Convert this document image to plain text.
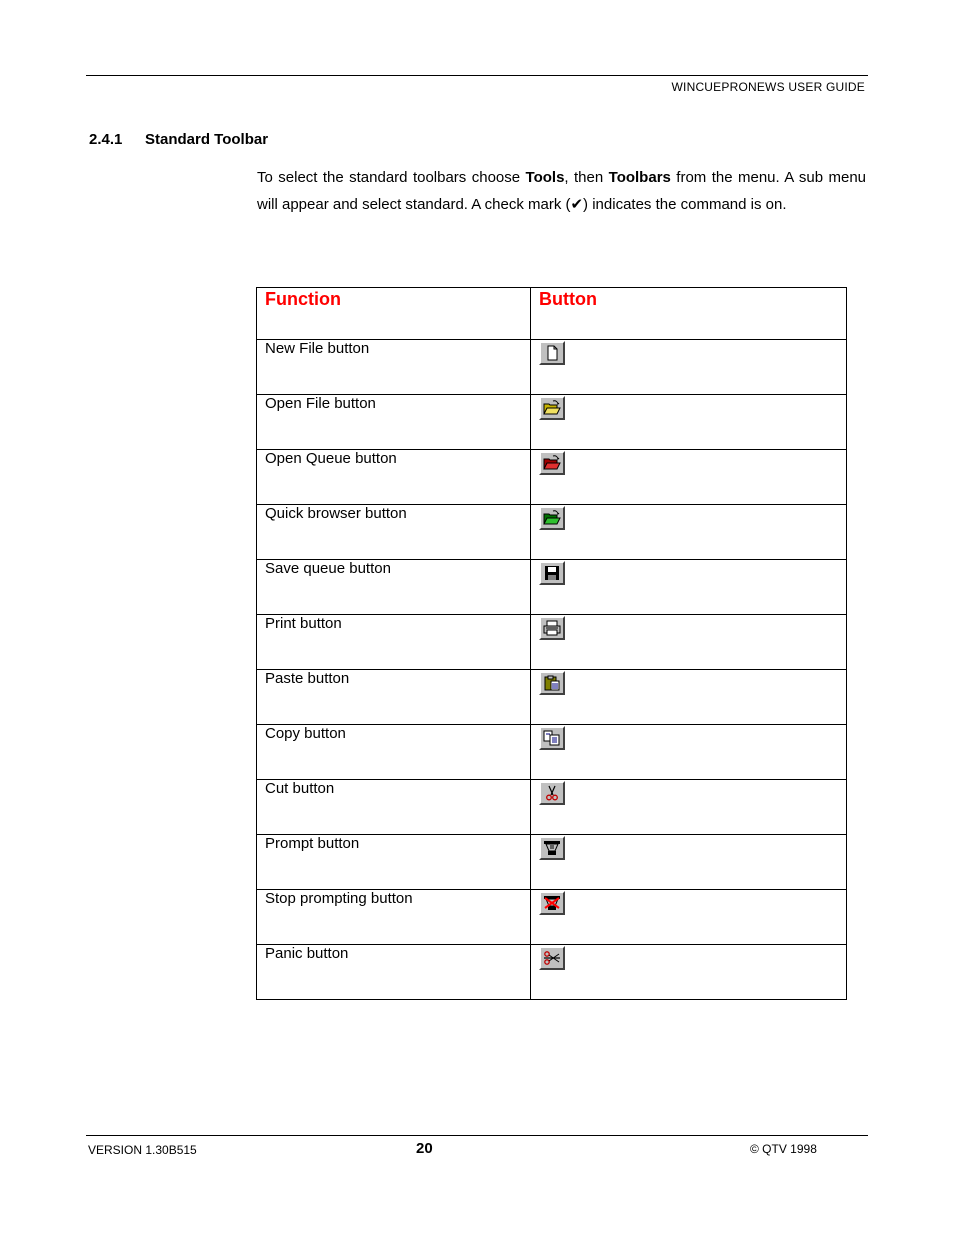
WINCUEPRONEWS USER GUIDE
2.4.1 Standard Toolbar
To select the standard toolbars choose Tools, then Toolbars from the menu. A sub menu will appear and select standard. A check mark (✔) indicates the command is on.
Function	Button

New File button

Open File button

Open Queue button

Quick browser button

Save queue button

Print button

Paste button

Copy button

Cut button

Prompt button

Stop prompting button

Panic button

VERSION 1.30B515	20	© QTV 1998
